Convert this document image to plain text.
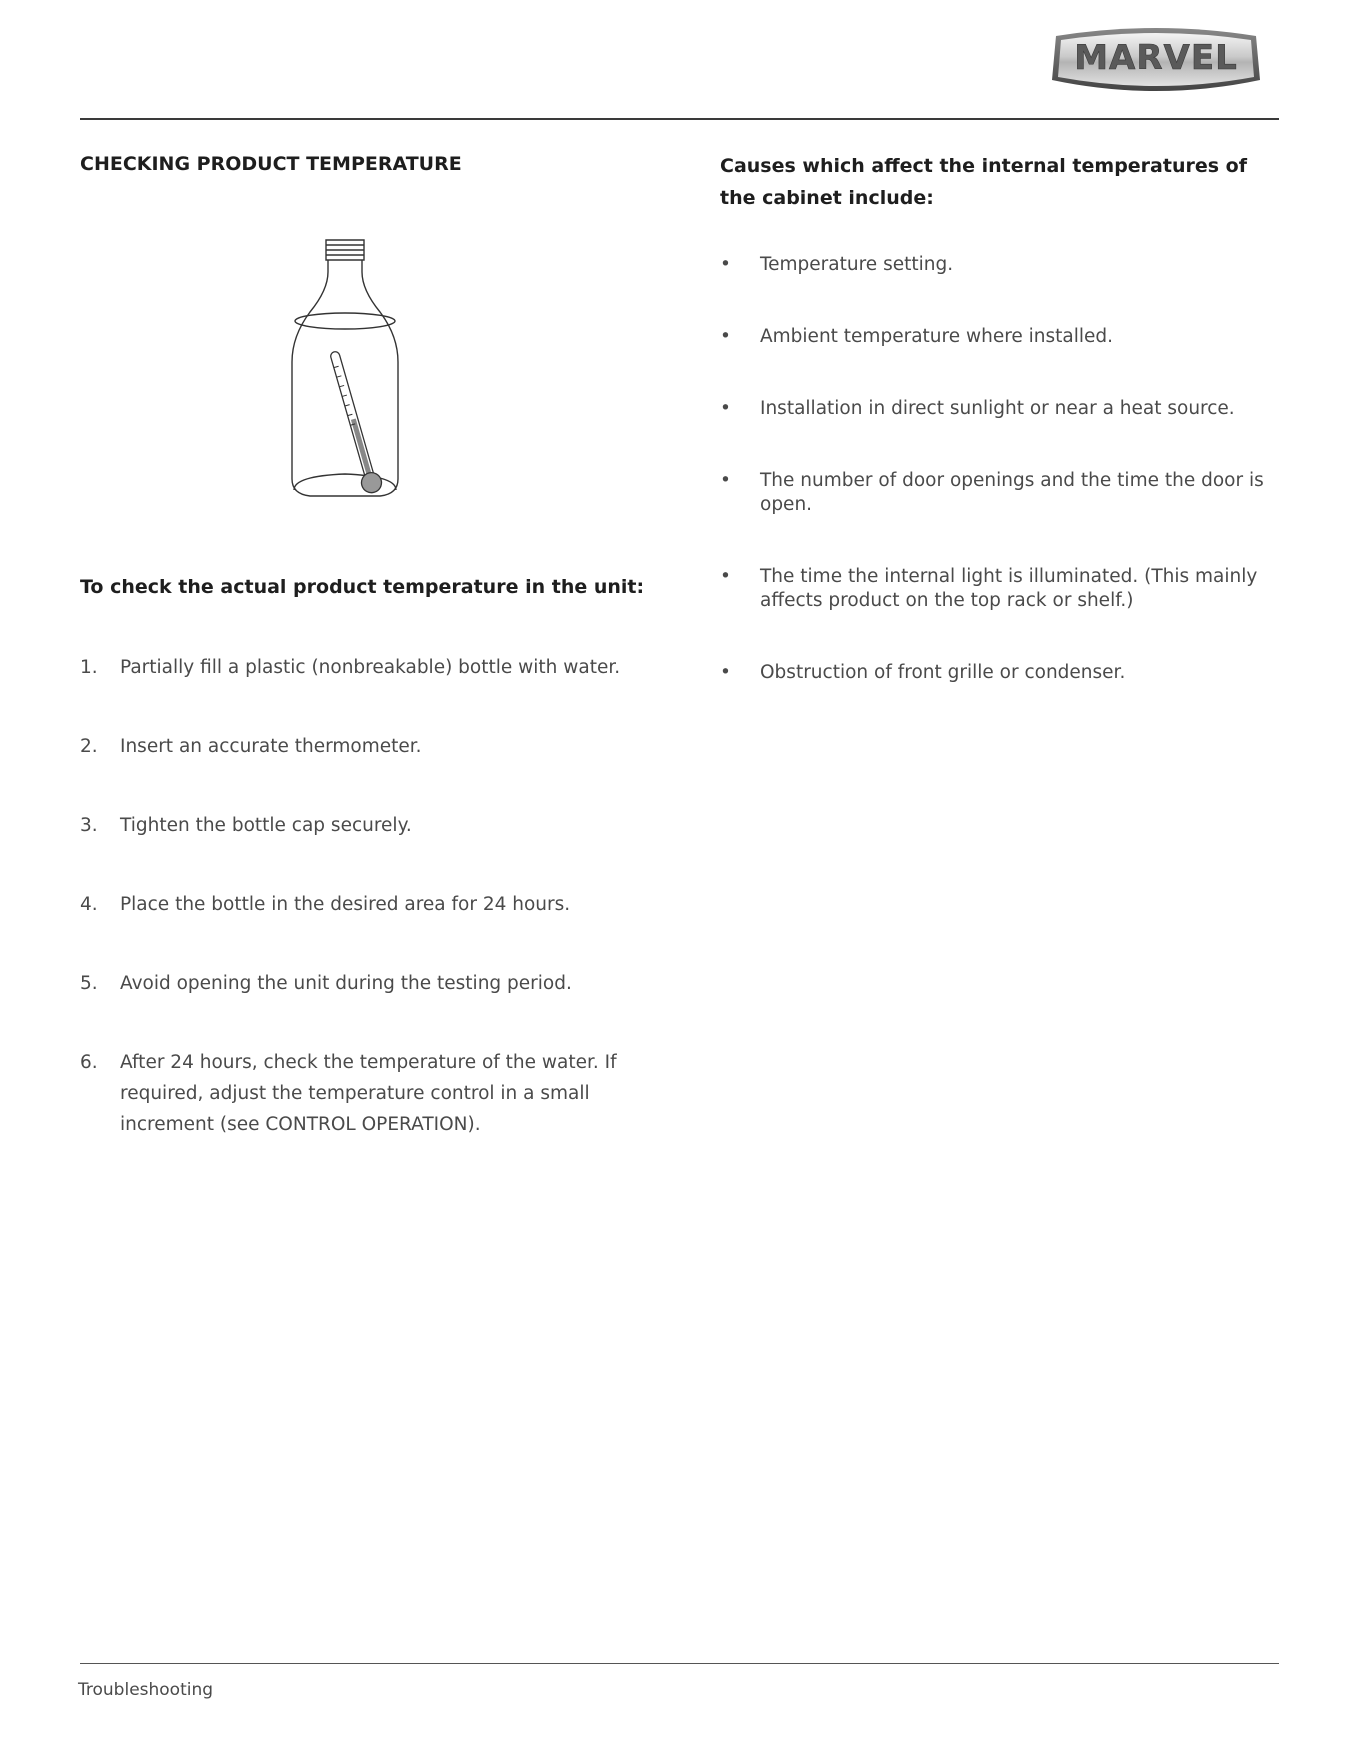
MARVEL
CHECKING PRODUCT TEMPERATURE

To check the actual product temperature in the unit:

1. Partially fill a plastic (nonbreakable) bottle with water.
2. Insert an accurate thermometer.
3. Tighten the bottle cap securely.
4. Place the bottle in the desired area for 24 hours.
5. Avoid opening the unit during the testing period.
6. After 24 hours, check the temperature of the water. If required, adjust the temperature control in a small increment (see CONTROL OPERATION).
Causes which affect the internal temperatures of the cabinet include:
• Temperature setting.
• Ambient temperature where installed.
• Installation in direct sunlight or near a heat source.
• The number of door openings and the time the door is open.
• The time the internal light is illuminated. (This mainly affects product on the top rack or shelf.)
• Obstruction of front grille or condenser.
Troubleshooting
